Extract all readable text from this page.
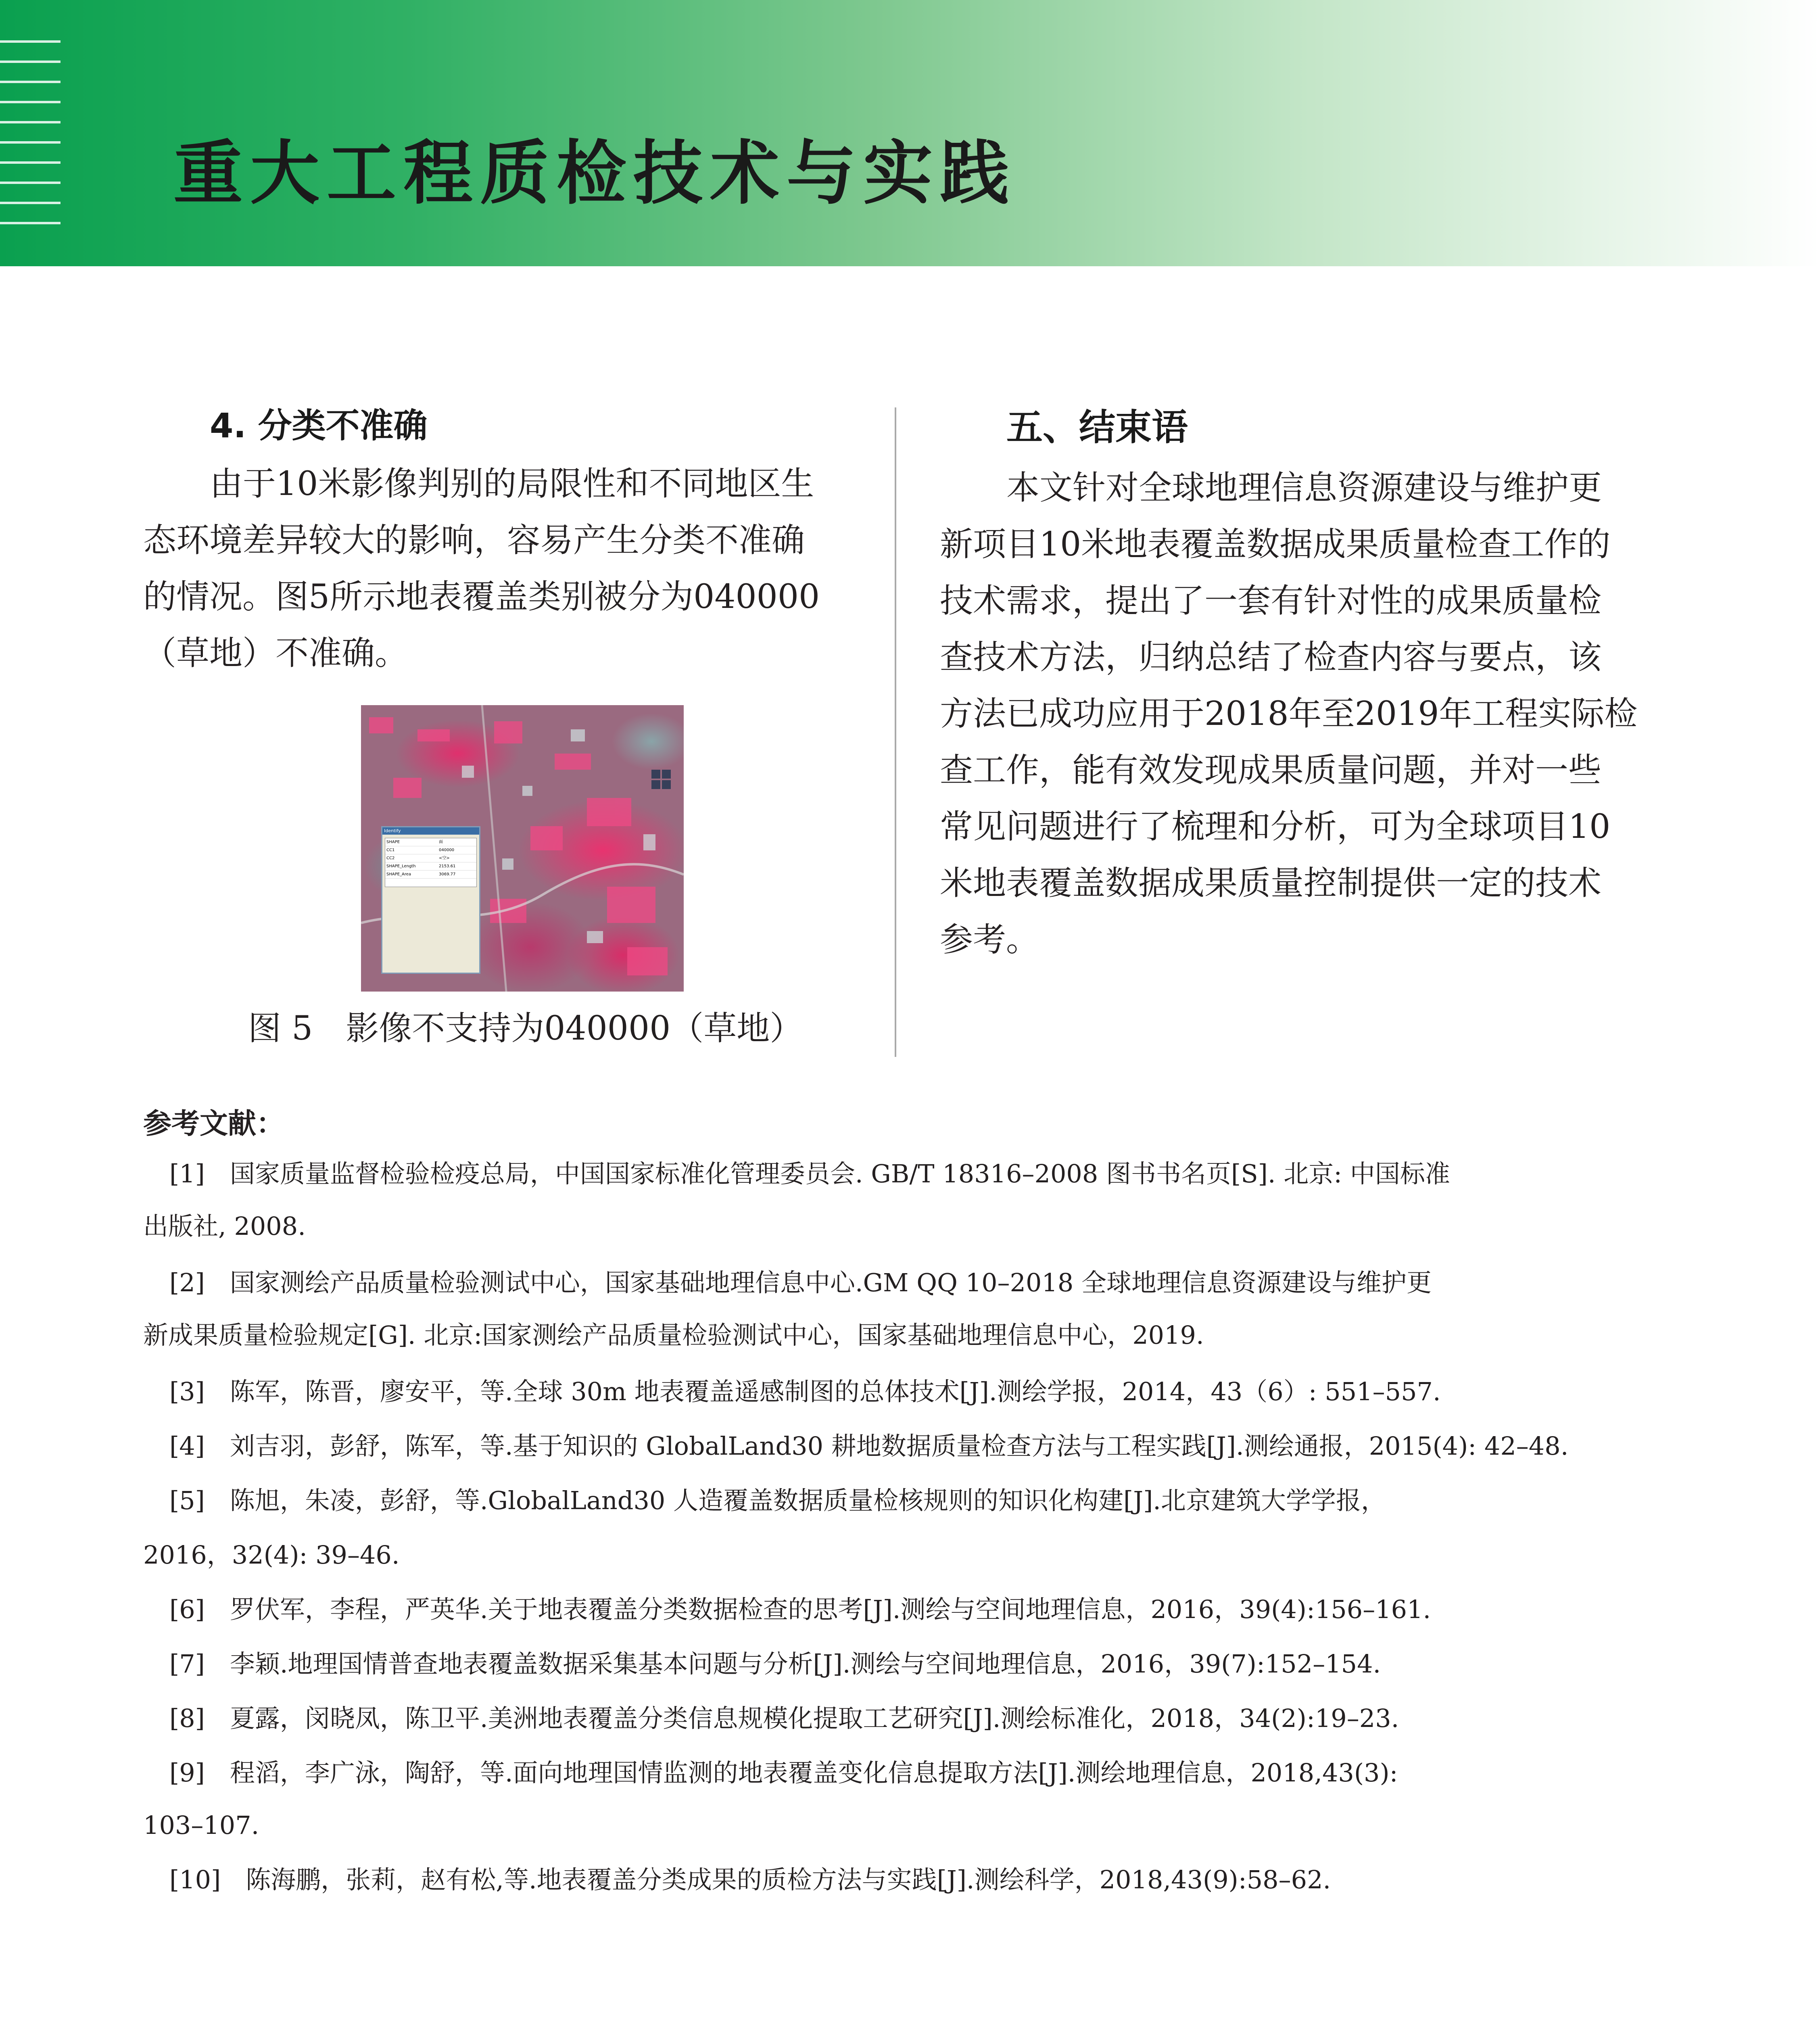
重大工程质检技术与实践
4. 分类不准确
由于10米影像判别的局限性和不同地区生
态环境差异较大的影响，容易产生分类不准确
的情况。图5所示地表覆盖类别被分为040000
（草地）不准确。
Identify
SHAPE	面
CC1	040000
CC2	<空>
SHAPE_Length	2153.61
SHAPE_Area	3069.77
图 5　影像不支持为040000（草地）
五、结束语
本文针对全球地理信息资源建设与维护更
新项目10米地表覆盖数据成果质量检查工作的
技术需求，提出了一套有针对性的成果质量检
查技术方法，归纳总结了检查内容与要点，该
方法已成功应用于2018年至2019年工程实际检
查工作，能有效发现成果质量问题，并对一些
常见问题进行了梳理和分析，可为全球项目10
米地表覆盖数据成果质量控制提供一定的技术
参考。
参考文献：
[1]　国家质量监督检验检疫总局，中国国家标准化管理委员会. GB/T 18316–2008 图书书名页[S]. 北京: 中国标准
出版社, 2008.
[2]　国家测绘产品质量检验测试中心，国家基础地理信息中心.GM QQ 10–2018 全球地理信息资源建设与维护更
新成果质量检验规定[G]. 北京:国家测绘产品质量检验测试中心，国家基础地理信息中心，2019.
[3]　陈军，陈晋，廖安平，等.全球 30m 地表覆盖遥感制图的总体技术[J].测绘学报，2014，43（6）: 551–557.
[4]　刘吉羽，彭舒，陈军，等.基于知识的 GlobalLand30 耕地数据质量检查方法与工程实践[J].测绘通报，2015(4): 42–48.
[5]　陈旭，朱凌，彭舒，等.GlobalLand30 人造覆盖数据质量检核规则的知识化构建[J].北京建筑大学学报，
2016，32(4): 39–46.
[6]　罗伏军，李程，严英华.关于地表覆盖分类数据检查的思考[J].测绘与空间地理信息，2016，39(4):156–161.
[7]　李颖.地理国情普查地表覆盖数据采集基本问题与分析[J].测绘与空间地理信息，2016，39(7):152–154.
[8]　夏露，闵晓凤，陈卫平.美洲地表覆盖分类信息规模化提取工艺研究[J].测绘标准化，2018，34(2):19–23.
[9]　程滔，李广泳，陶舒，等.面向地理国情监测的地表覆盖变化信息提取方法[J].测绘地理信息，2018,43(3):
103–107.
[10]　陈海鹏，张莉，赵有松,等.地表覆盖分类成果的质检方法与实践[J].测绘科学，2018,43(9):58–62.
